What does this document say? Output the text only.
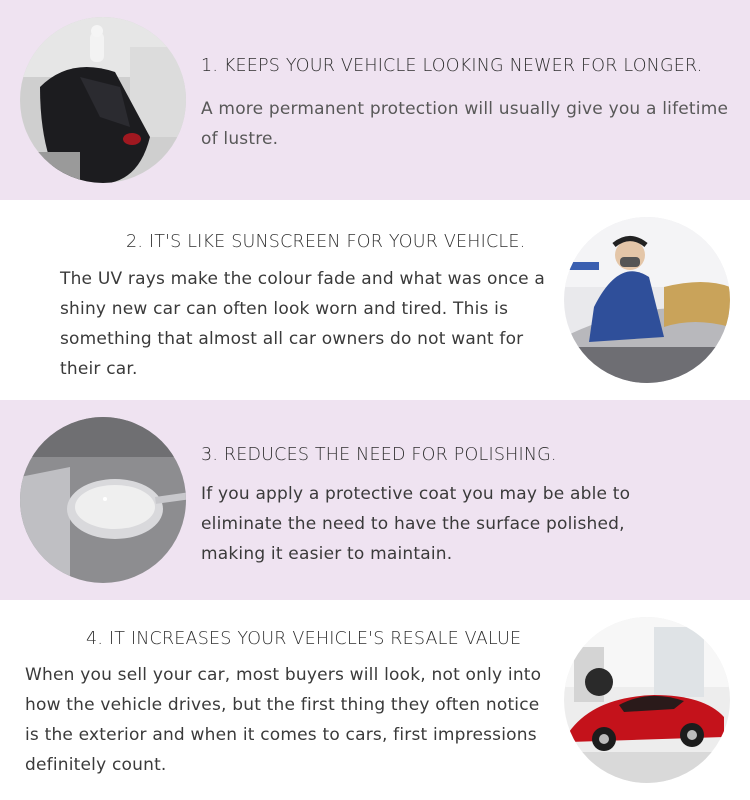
1. KEEPS YOUR VEHICLE LOOKING NEWER FOR LONGER.
A more permanent protection will usually give you a lifetime of lustre.
2. IT'S LIKE SUNSCREEN FOR YOUR VEHICLE.
The UV rays make the colour fade and what was once a shiny new car can often look worn and tired. This is something that almost all car owners do not want for their car.
3. REDUCES THE NEED FOR POLISHING.
If you apply a protective coat you may be able to eliminate the need to have the surface polished, making it easier to maintain.
4. IT INCREASES YOUR VEHICLE'S RESALE VALUE
When you sell your car, most buyers will look, not only into how the vehicle drives, but the first thing they often notice is the exterior and when it comes to cars, first impressions definitely count.
